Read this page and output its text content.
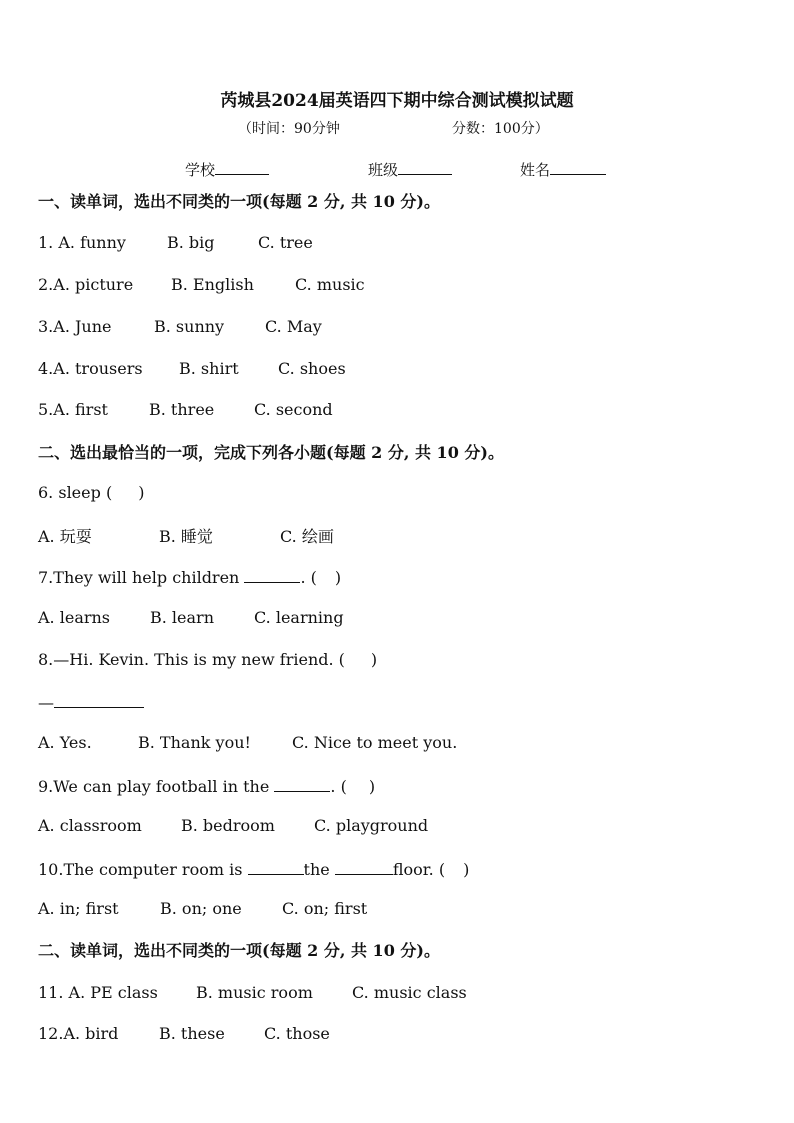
芮城县2024届英语四下期中综合测试模拟试题
（时间：90分钟	分数：100分）
学校	班级	姓名
一、读单词，选出不同类的一项(每题 2 分, 共 10 分)。
1. A. funny	B. big	C. tree
2.A. picture B. English	C. music
3.A. June	B. sunny	C. May
4.A. trousers B. shirt C. shoes
5.A. first	B. three C. second
二、选出最恰当的一项，完成下列各小题(每题 2 分, 共 10 分)。
6. sleep ( )
A. 玩耍	B. 睡觉	C. 绘画
7.They will help children	. ( )
A. learns B. learn C. learning
8.—Hi. Kevin. This is my new friend. ( )
—
A. Yes.	B. Thank you!	C. Nice to meet you.
9.We can play football in the	. ( )
A. classroom B. bedroom C. playground
10.The computer room is	the	floor. ( )
A. in; first	B. on; one	C. on; first
二、读单词，选出不同类的一项(每题 2 分, 共 10 分)。
11. A. PE class B. music room C. music class
12.A. bird	B. these C. those
